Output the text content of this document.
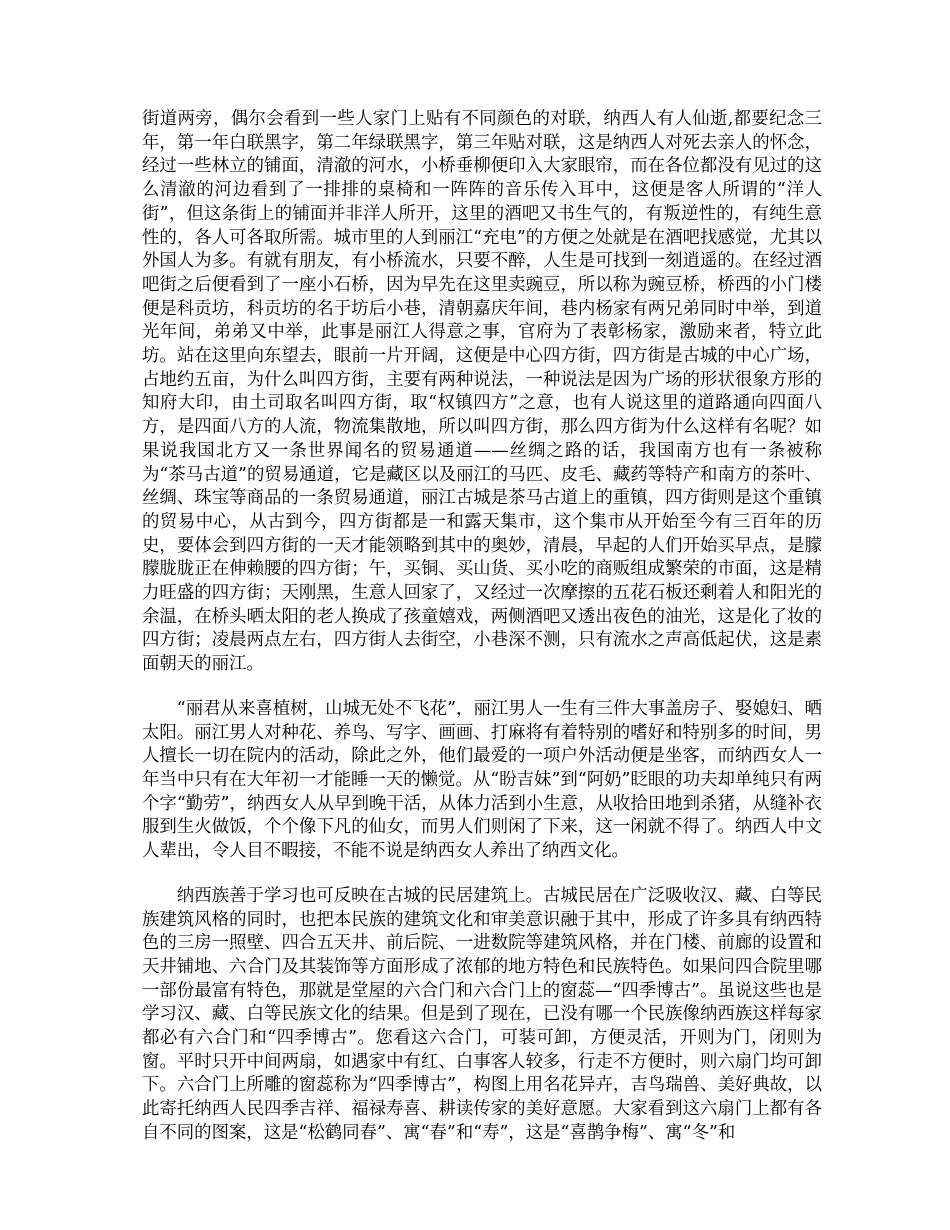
街道两旁，偶尔会看到一些人家门上贴有不同颜色的对联，纳西人有人仙逝,都要纪念三年，第一年白联黑字，第二年绿联黑字，第三年贴对联，这是纳西人对死去亲人的怀念，经过一些林立的铺面，清澈的河水，小桥垂柳便印入大家眼帘，而在各位都没有见过的这么清澈的河边看到了一排排的桌椅和一阵阵的音乐传入耳中，这便是客人所谓的“洋人街”，但这条街上的铺面并非洋人所开，这里的酒吧又书生气的，有叛逆性的，有纯生意性的，各人可各取所需。城市里的人到丽江“充电”的方便之处就是在酒吧找感觉，尤其以外国人为多。有就有朋友，有小桥流水，只要不醉，人生是可找到一刻逍遥的。在经过酒吧街之后便看到了一座小石桥，因为早先在这里卖豌豆，所以称为豌豆桥，桥西的小门楼便是科贡坊，科贡坊的名于坊后小巷，清朝嘉庆年间，巷内杨家有两兄弟同时中举，到道光年间，弟弟又中举，此事是丽江人得意之事，官府为了表彰杨家，激励来者，特立此坊。站在这里向东望去，眼前一片开阔，这便是中心四方街，四方街是古城的中心广场，占地约五亩，为什么叫四方街，主要有两种说法，一种说法是因为广场的形状很象方形的知府大印，由土司取名叫四方街，取“权镇四方”之意，也有人说这里的道路通向四面八方，是四面八方的人流，物流集散地，所以叫四方街，那么四方街为什么这样有名呢？如果说我国北方又一条世界闻名的贸易通道——丝绸之路的话，我国南方也有一条被称为“茶马古道”的贸易通道，它是藏区以及丽江的马匹、皮毛、藏药等特产和南方的茶叶、丝绸、珠宝等商品的一条贸易通道，丽江古城是茶马古道上的重镇，四方街则是这个重镇的贸易中心，从古到今，四方街都是一和露天集市，这个集市从开始至今有三百年的历史，要体会到四方街的一天才能领略到其中的奥妙，清晨，早起的人们开始买早点，是朦朦胧胧正在伸赖腰的四方街；午，买铜、买山货、买小吃的商贩组成繁荣的市面，这是精力旺盛的四方街；天刚黑，生意人回家了，又经过一次摩擦的五花石板还剩着人和阳光的余温，在桥头晒太阳的老人换成了孩童嬉戏，两侧酒吧又透出夜色的油光，这是化了妆的四方街；凌晨两点左右，四方街人去街空，小巷深不测，只有流水之声高低起伏，这是素面朝天的丽江。

“丽君从来喜植树，山城无处不飞花”，丽江男人一生有三件大事盖房子、娶媳妇、晒太阳。丽江男人对种花、养鸟、写字、画画、打麻将有着特别的嗜好和特别多的时间，男人擅长一切在院内的活动，除此之外，他们最爱的一项户外活动便是坐客，而纳西女人一年当中只有在大年初一才能睡一天的懒觉。从“盼吉妹”到“阿奶”眨眼的功夫却单纯只有两个字“勤劳”，纳西女人从早到晚干活，从体力活到小生意，从收拾田地到杀猪，从缝补衣服到生火做饭，个个像下凡的仙女，而男人们则闲了下来，这一闲就不得了。纳西人中文人辈出，令人目不暇接，不能不说是纳西女人养出了纳西文化。

纳西族善于学习也可反映在古城的民居建筑上。古城民居在广泛吸收汉、藏、白等民族建筑风格的同时，也把本民族的建筑文化和审美意识融于其中，形成了许多具有纳西特色的三房一照壁、四合五天井、前后院、一进数院等建筑风格，并在门楼、前廊的设置和天井铺地、六合门及其装饰等方面形成了浓郁的地方特色和民族特色。如果问四合院里哪一部份最富有特色，那就是堂屋的六合门和六合门上的窗蕊—“四季博古”。虽说这些也是学习汉、藏、白等民族文化的结果。但是到了现在，已没有哪一个民族像纳西族这样每家都必有六合门和“四季博古”。您看这六合门，可装可卸，方便灵活，开则为门，闭则为窗。平时只开中间两扇，如遇家中有红、白事客人较多，行走不方便时，则六扇门均可卸下。六合门上所雕的窗蕊称为“四季博古”，构图上用名花异卉，吉鸟瑞兽、美好典故，以此寄托纳西人民四季吉祥、福禄寿喜、耕读传家的美好意愿。大家看到这六扇门上都有各自不同的图案，这是“松鹤同春”、寓“春”和“寿”，这是“喜鹊争梅”、寓“冬”和
